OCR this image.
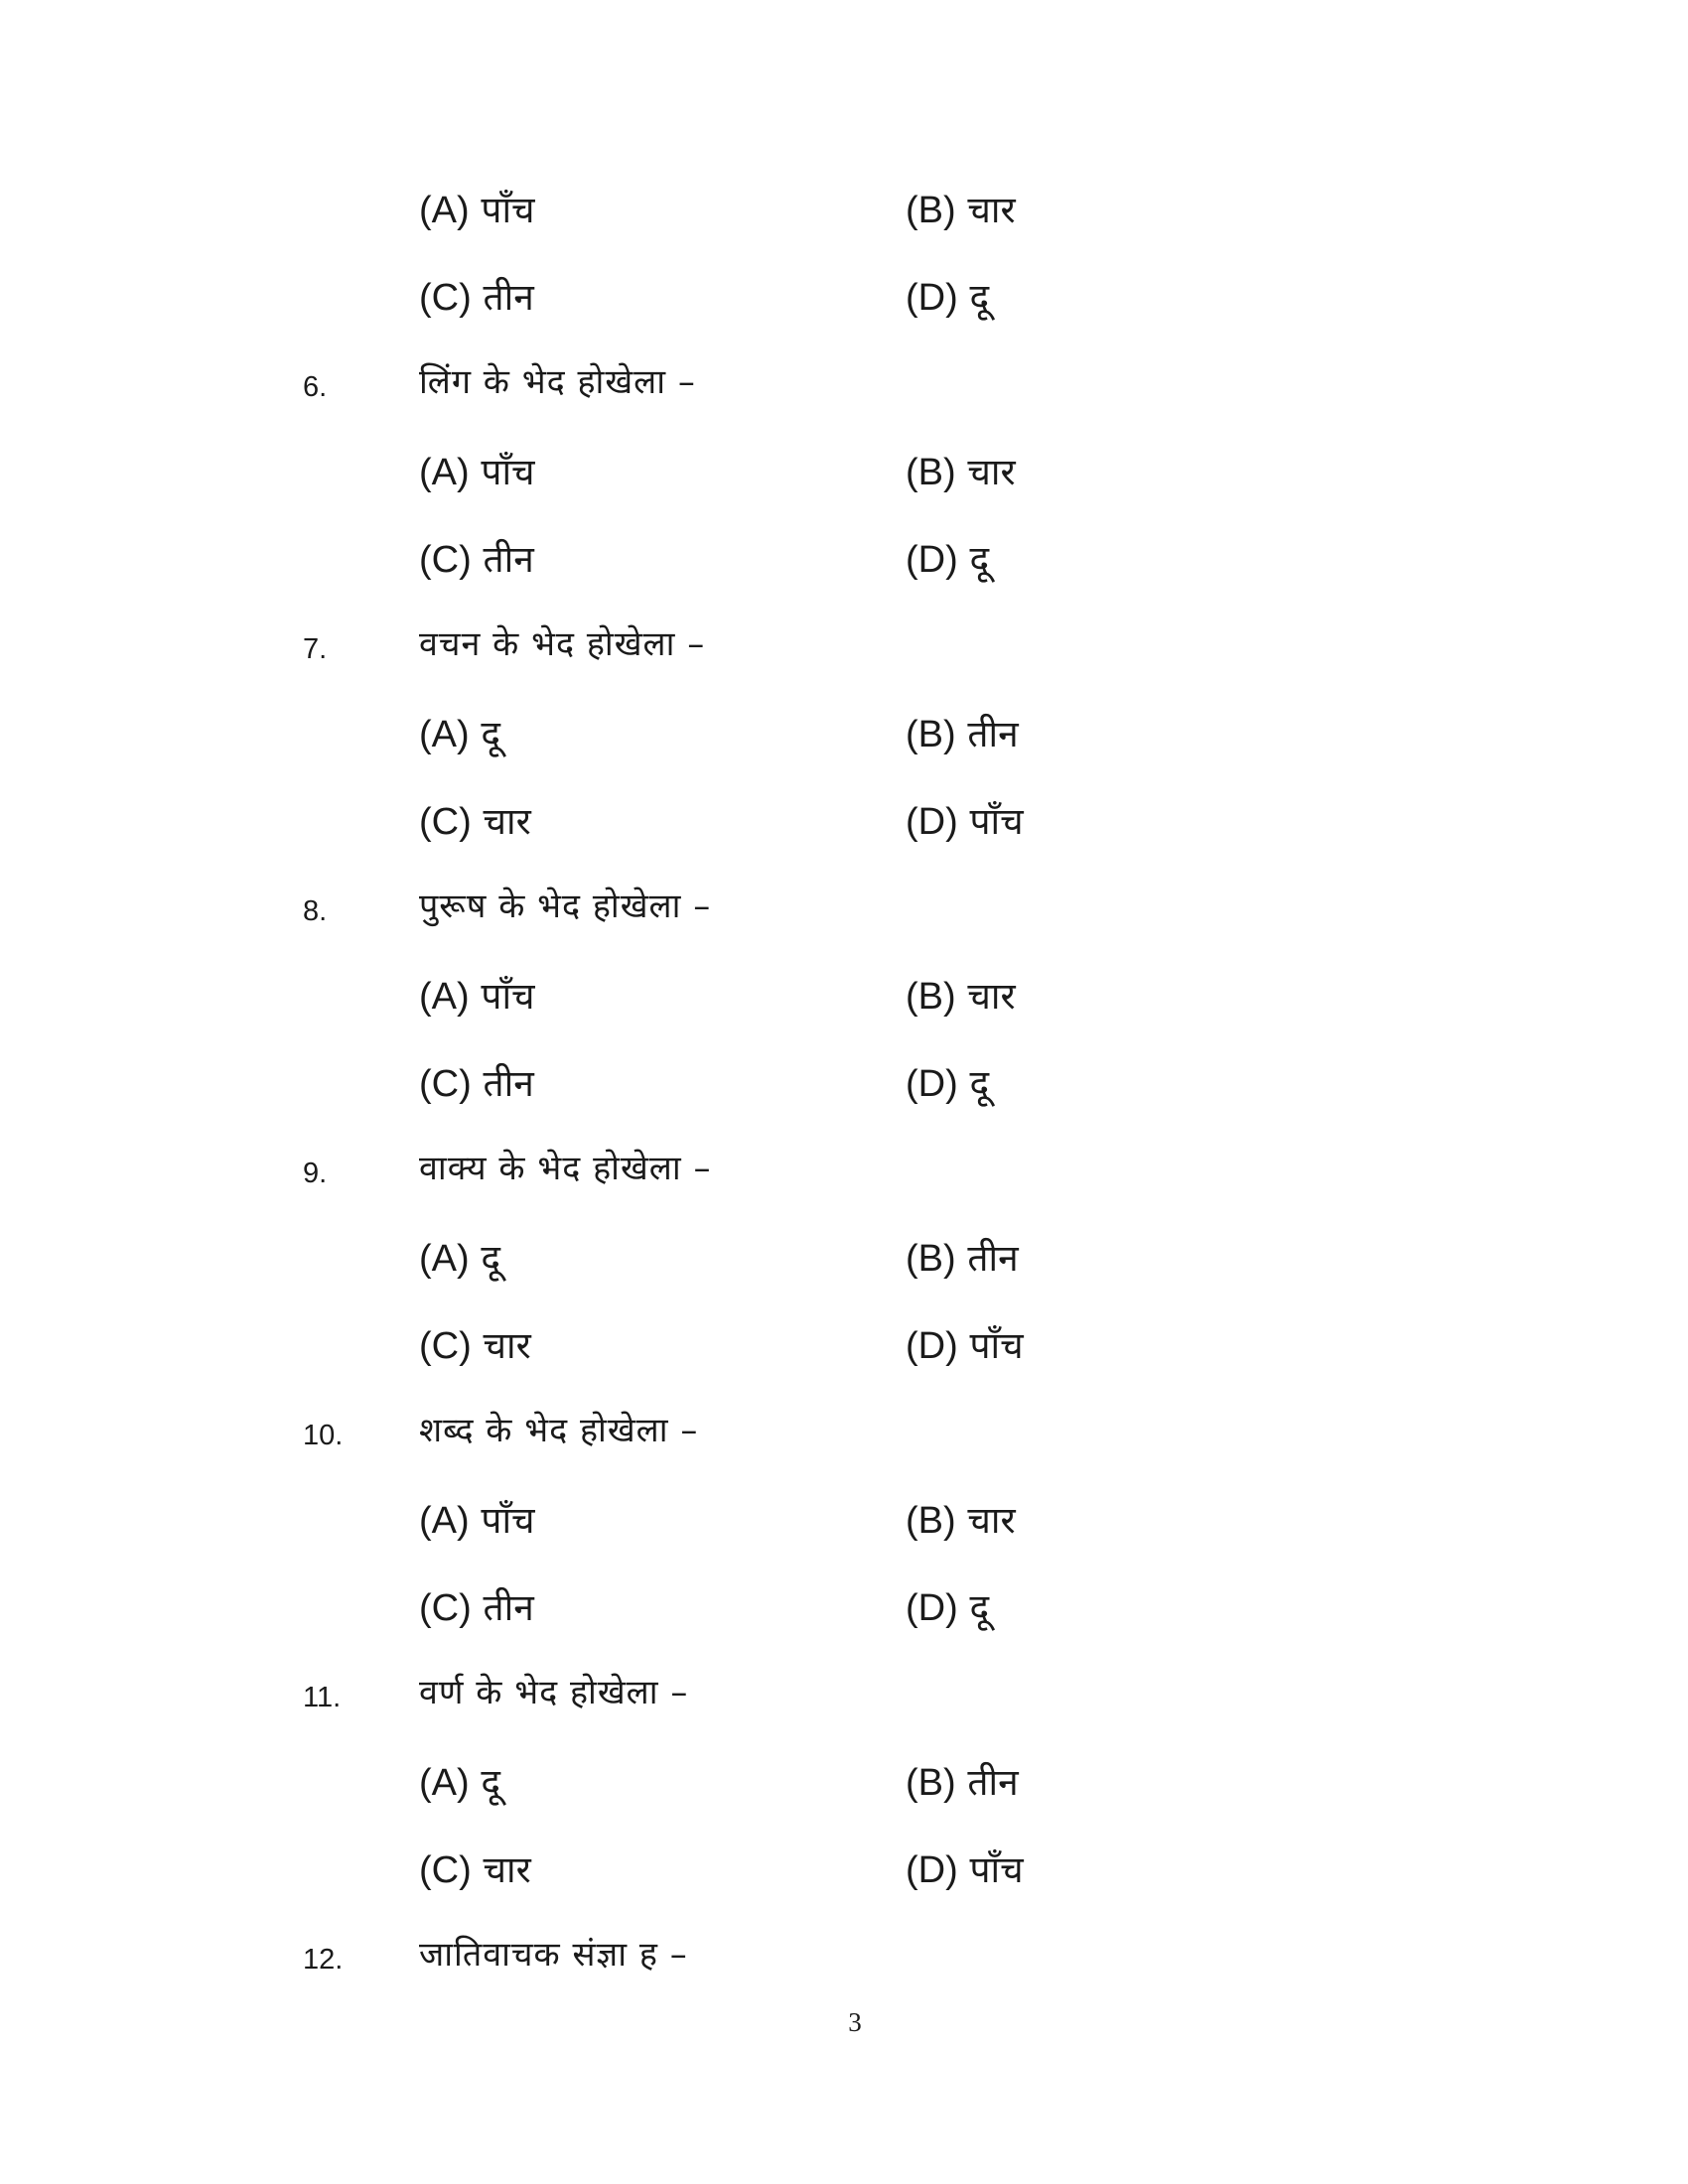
(A) पाँच	(B) चार
(C) तीन	(D) दू
6.	लिंग के भेद होखेला –
(A) पाँच	(B) चार
(C) तीन	(D) दू
7.	वचन के भेद होखेला –
(A) दू	(B) तीन
(C) चार	(D) पाँच
8.	पुरूष के भेद होखेला –
(A) पाँच	(B) चार
(C) तीन	(D) दू
9.	वाक्य के भेद होखेला –
(A) दू	(B) तीन
(C) चार	(D) पाँच
10. शब्द के भेद होखेला –
(A) पाँच	(B) चार
(C) तीन	(D) दू
11. वर्ण के भेद होखेला –
(A) दू	(B) तीन
(C) चार	(D) पाँच
12. जातिवाचक संज्ञा ह –
3
